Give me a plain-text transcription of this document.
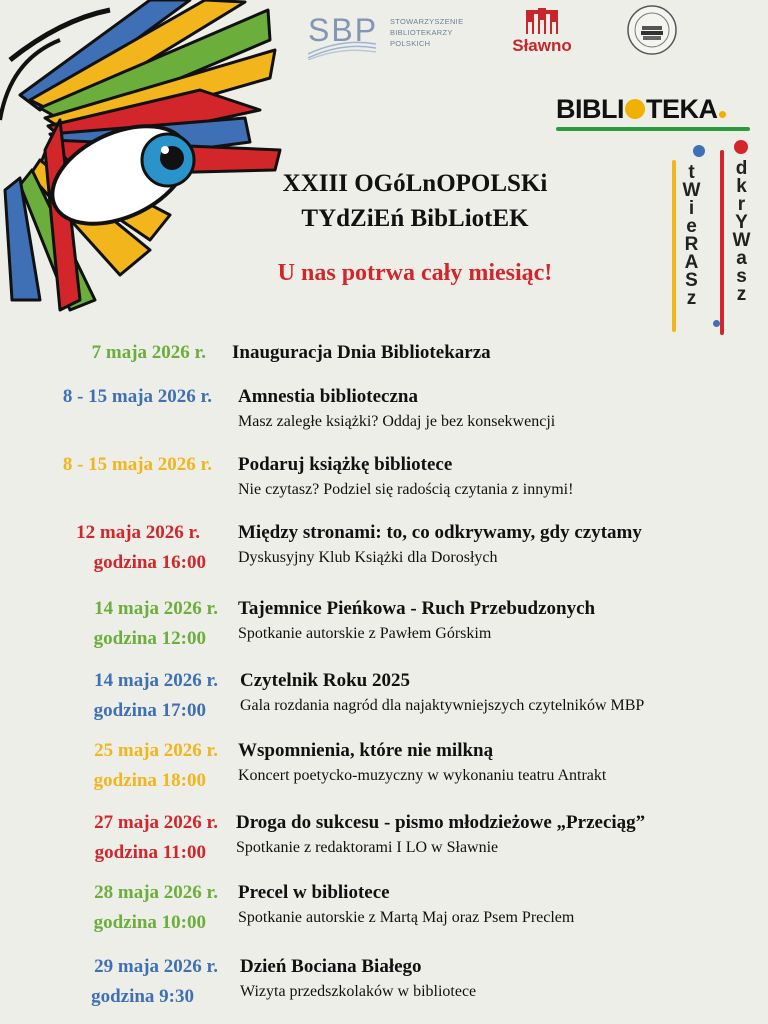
SBP STOWARZYSZENIE
BIBLIOTEKARZY
POLSKICH	Sławno
BIBLI TEKA
tWieRASz dkrYWasz
XXIII OGóLnOPOLSKi
TYdZiEń BibLiotEK
U nas potrwa cały miesiąc!
7 maja 2026 r. Inauguracja Dnia Bibliotekarza
8 - 15 maja 2026 r. Amnestia biblioteczna
Masz zaległe książki? Oddaj je bez konsekwencji
8 - 15 maja 2026 r. Podaruj książkę bibliotece
Nie czytasz? Podziel się radością czytania z innymi!
12 maja 2026 r.
godzina 16:00
Między stronami: to, co odkrywamy, gdy czytamy
Dyskusyjny Klub Książki dla Dorosłych
14 maja 2026 r.
godzina 12:00
Tajemnice Pieńkowa - Ruch Przebudzonych
Spotkanie autorskie z Pawłem Górskim
14 maja 2026 r.
godzina 17:00
Czytelnik Roku 2025
Gala rozdania nagród dla najaktywniejszych czytelników MBP
25 maja 2026 r.
godzina 18:00
Wspomnienia, które nie milkną
Koncert poetycko-muzyczny w wykonaniu teatru Antrakt
27 maja 2026 r.
godzina 11:00
Droga do sukcesu - pismo młodzieżowe „Przeciąg”
Spotkanie z redaktorami I LO w Sławnie
28 maja 2026 r.
godzina 10:00
Precel w bibliotece
Spotkanie autorskie z Martą Maj oraz Psem Preclem
29 maja 2026 r.
godzina 9:30
Dzień Bociana Białego
Wizyta przedszkolaków w bibliotece
